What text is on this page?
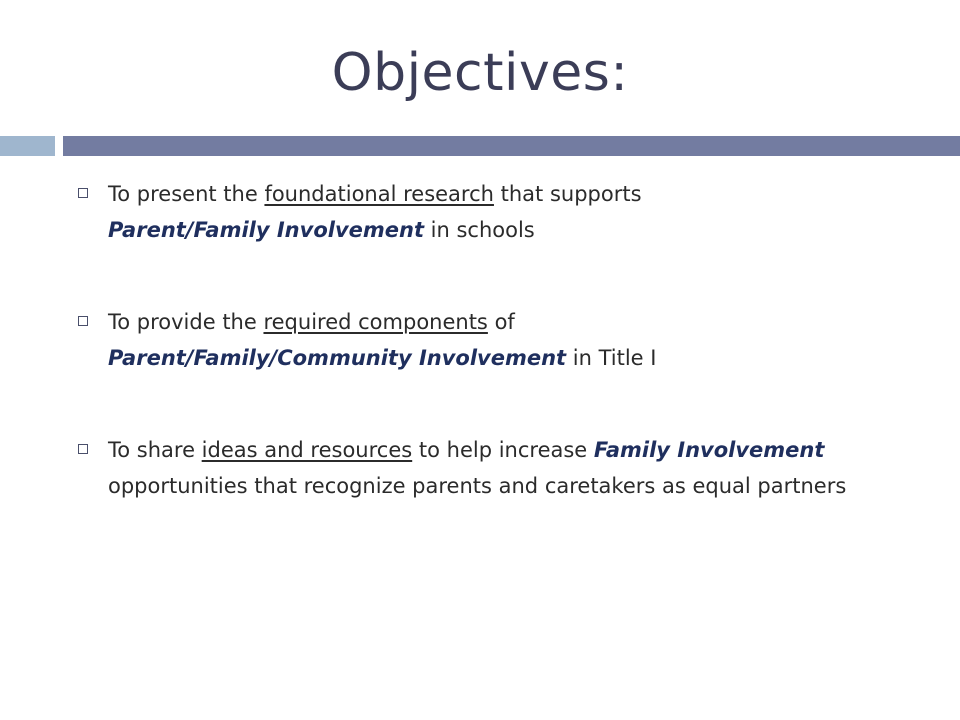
Objectives:
To present the foundational research that supports
Parent/Family Involvement in schools
To provide the required components of
Parent/Family/Community Involvement in Title I
To share ideas and resources to help increase Family Involvement opportunities that recognize parents and caretakers as equal partners
